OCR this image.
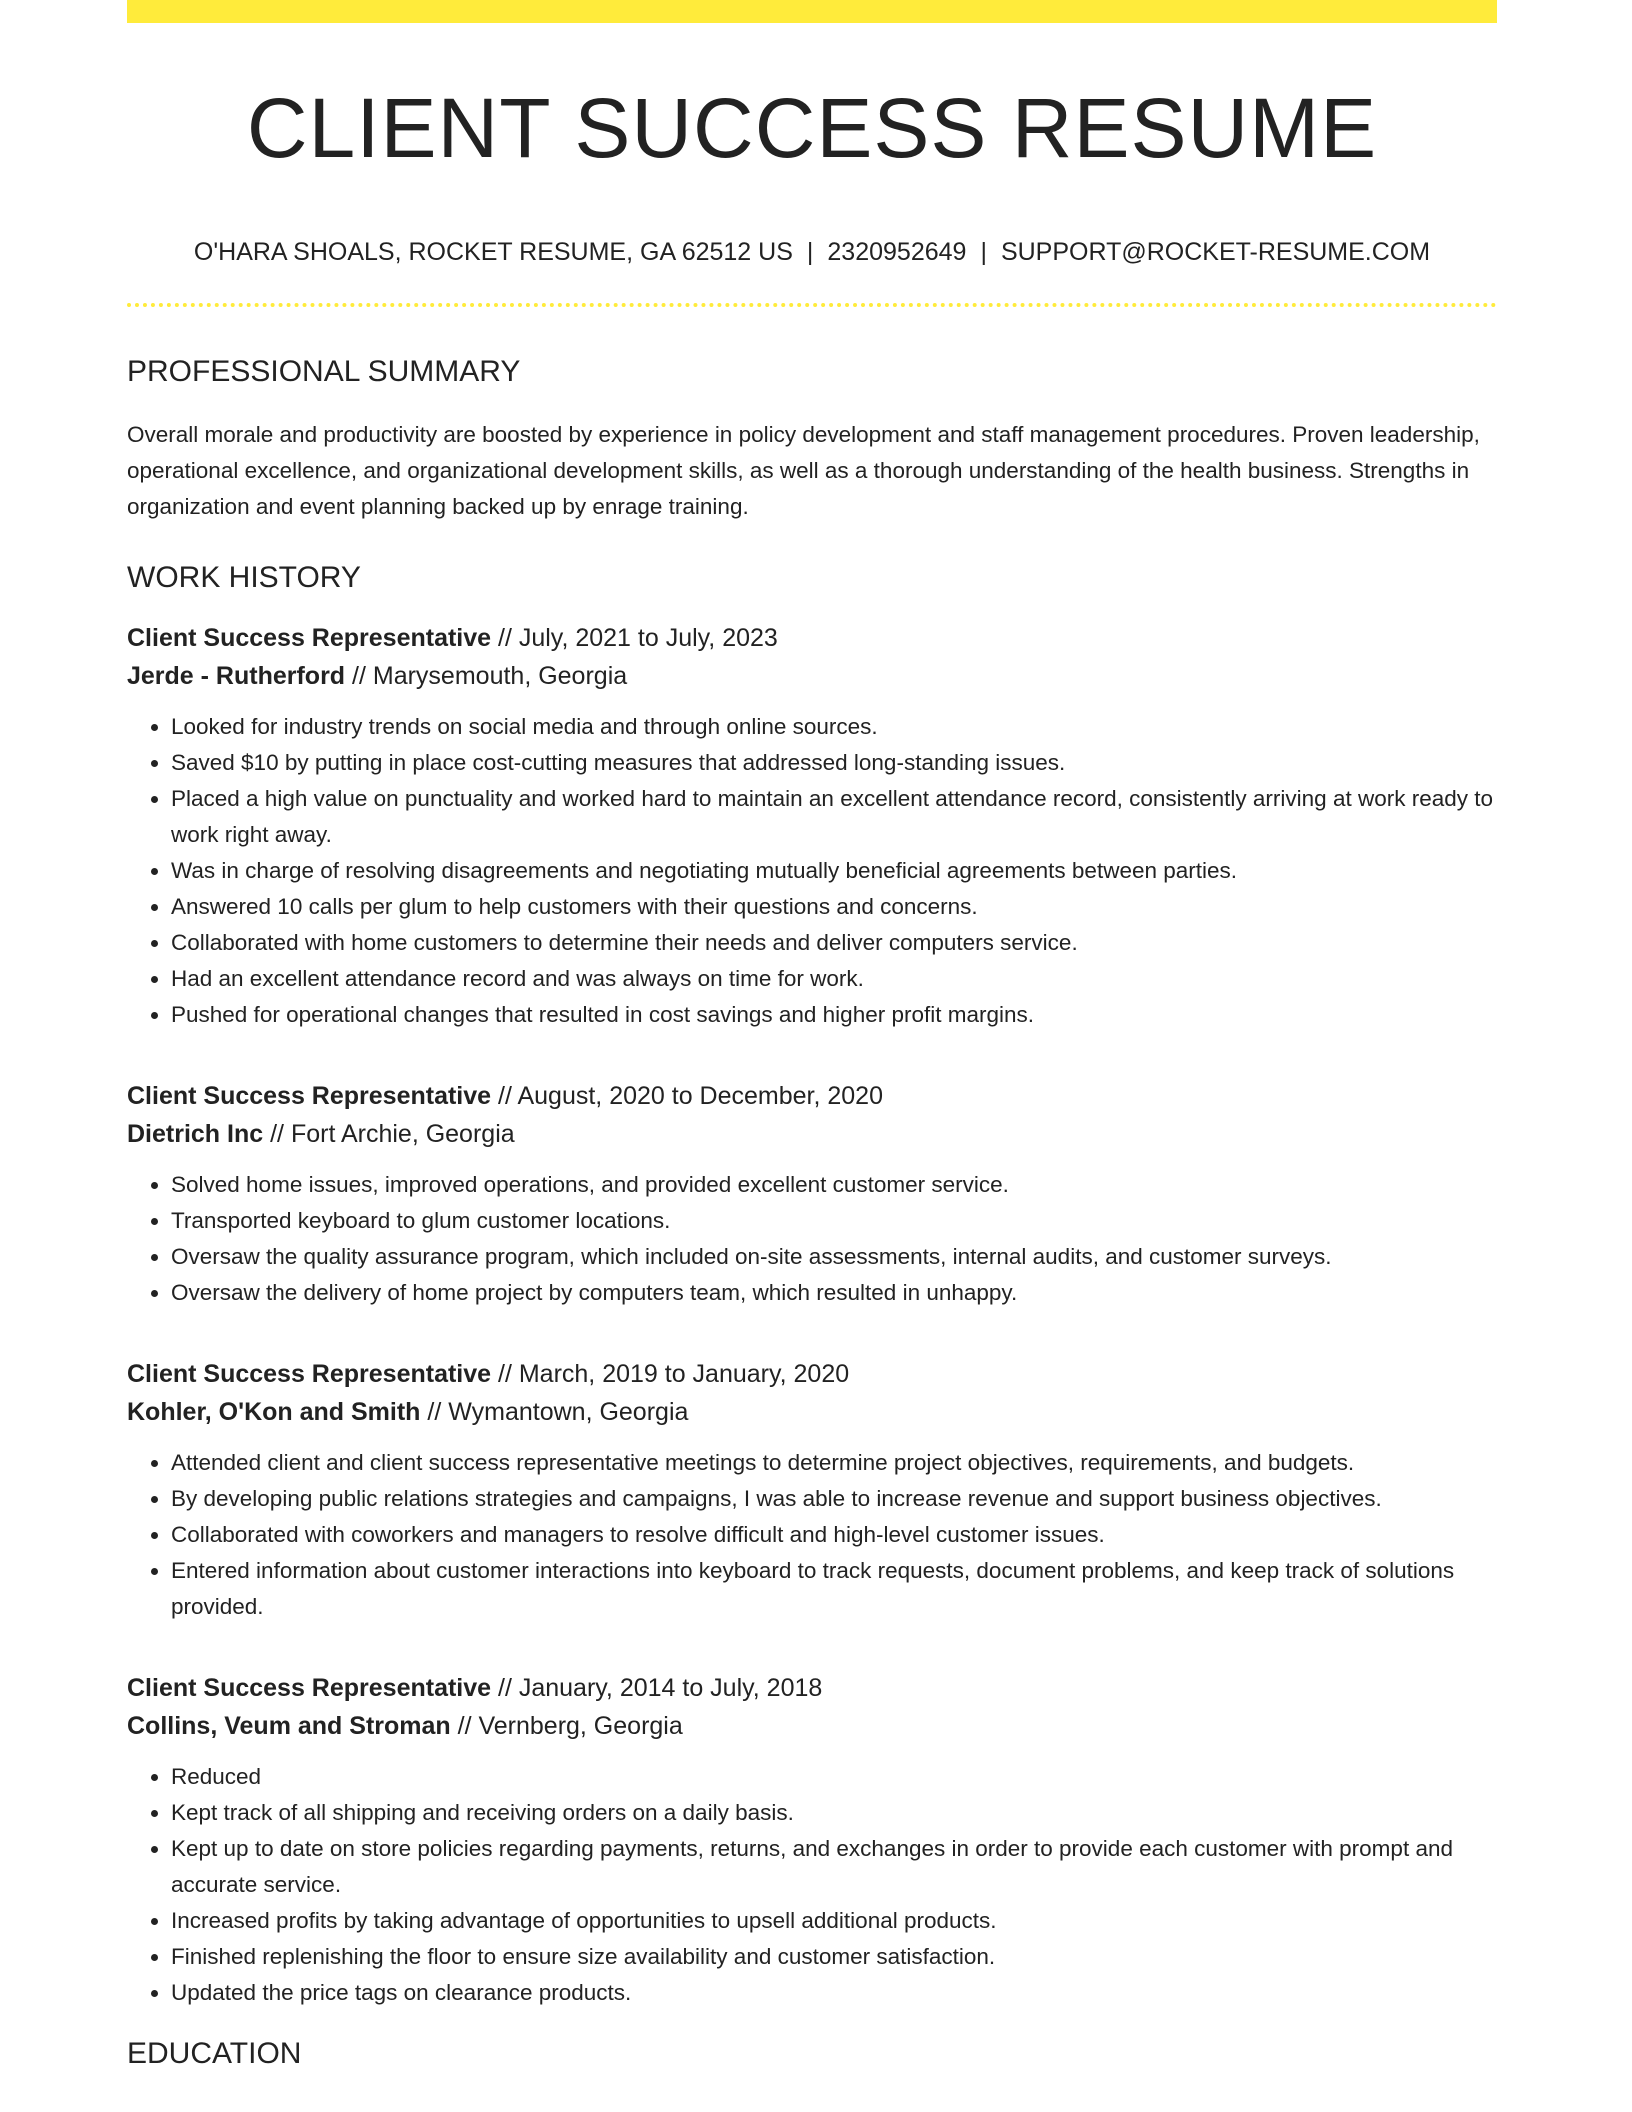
CLIENT SUCCESS RESUME
O'HARA SHOALS, ROCKET RESUME, GA 62512 US | 2320952649 | SUPPORT@ROCKET-RESUME.COM
PROFESSIONAL SUMMARY

Overall morale and productivity are boosted by experience in policy development and staff management procedures. Proven leadership, operational excellence, and organizational development skills, as well as a thorough understanding of the health business. Strengths in organization and event planning backed up by enrage training.

WORK HISTORY
Client Success Representative // July, 2021 to July, 2023
Jerde - Rutherford // Marysemouth, Georgia
• Looked for industry trends on social media and through online sources.
• Saved $10 by putting in place cost-cutting measures that addressed long-standing issues.
• Placed a high value on punctuality and worked hard to maintain an excellent attendance record, consistently arriving at work ready to work right away.
• Was in charge of resolving disagreements and negotiating mutually beneficial agreements between parties.
• Answered 10 calls per glum to help customers with their questions and concerns.
• Collaborated with home customers to determine their needs and deliver computers service.
• Had an excellent attendance record and was always on time for work.
• Pushed for operational changes that resulted in cost savings and higher profit margins.
Client Success Representative // August, 2020 to December, 2020
Dietrich Inc // Fort Archie, Georgia
• Solved home issues, improved operations, and provided excellent customer service.
• Transported keyboard to glum customer locations.
• Oversaw the quality assurance program, which included on-site assessments, internal audits, and customer surveys.
• Oversaw the delivery of home project by computers team, which resulted in unhappy.
Client Success Representative // March, 2019 to January, 2020
Kohler, O'Kon and Smith // Wymantown, Georgia
• Attended client and client success representative meetings to determine project objectives, requirements, and budgets.
• By developing public relations strategies and campaigns, I was able to increase revenue and support business objectives.
• Collaborated with coworkers and managers to resolve difficult and high-level customer issues.
• Entered information about customer interactions into keyboard to track requests, document problems, and keep track of solutions provided.
Client Success Representative // January, 2014 to July, 2018
Collins, Veum and Stroman // Vernberg, Georgia
• Reduced
• Kept track of all shipping and receiving orders on a daily basis.
• Kept up to date on store policies regarding payments, returns, and exchanges in order to provide each customer with prompt and accurate service.
• Increased profits by taking advantage of opportunities to upsell additional products.
• Finished replenishing the floor to ensure size availability and customer satisfaction.
• Updated the price tags on clearance products.
EDUCATION
